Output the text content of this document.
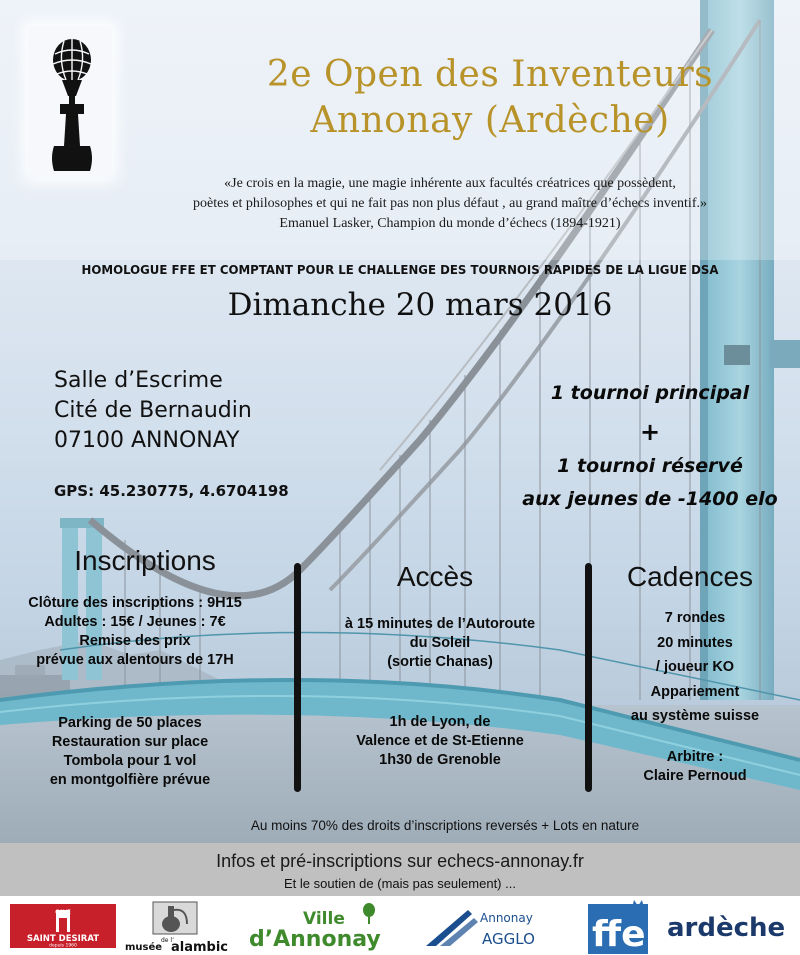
2e Open des Inventeurs
Annonay (Ardèche)
«Je crois en la magie, une magie inhérente aux facultés créatrices que possèdent,
poètes et philosophes et qui ne fait pas non plus défaut , au grand maître d’échecs inventif.»
Emanuel Lasker, Champion du monde d’échecs (1894-1921)
HOMOLOGUE FFE ET COMPTANT POUR LE CHALLENGE DES TOURNOIS RAPIDES DE LA LIGUE DSA
Dimanche 20 mars 2016
Salle d’Escrime
Cité de Bernaudin
07100 ANNONAY
GPS: 45.230775, 4.6704198
1 tournoi principal
+
1 tournoi réservé
aux jeunes de -1400 elo
Inscriptions
Accès	Cadences
Clôture des inscriptions : 9H15
Adultes : 15€ / Jeunes : 7€
Remise des prix
prévue aux alentours de 17H
Parking de 50 places
Restauration sur place
Tombola pour 1 vol
en montgolfière prévue
à 15 minutes de l’Autoroute
du Soleil
(sortie Chanas)
1h de Lyon, de
Valence et de St-Etienne
1h30 de Grenoble
7 rondes
20 minutes
/ joueur KO
Appariement
au système suisse
Arbitre :
Claire Pernoud
Au moins 70% des droits d’inscriptions reversés + Lots en nature
Infos et pré-inscriptions sur echecs-annonay.fr
Et le soutien de (mais pas seulement) ...
CAVE
SAINT DESIRAT
depuis 1960	musée
de l’
alambic
Ville
d’Annonay
Annonay
AGGLO ffe ardèche
